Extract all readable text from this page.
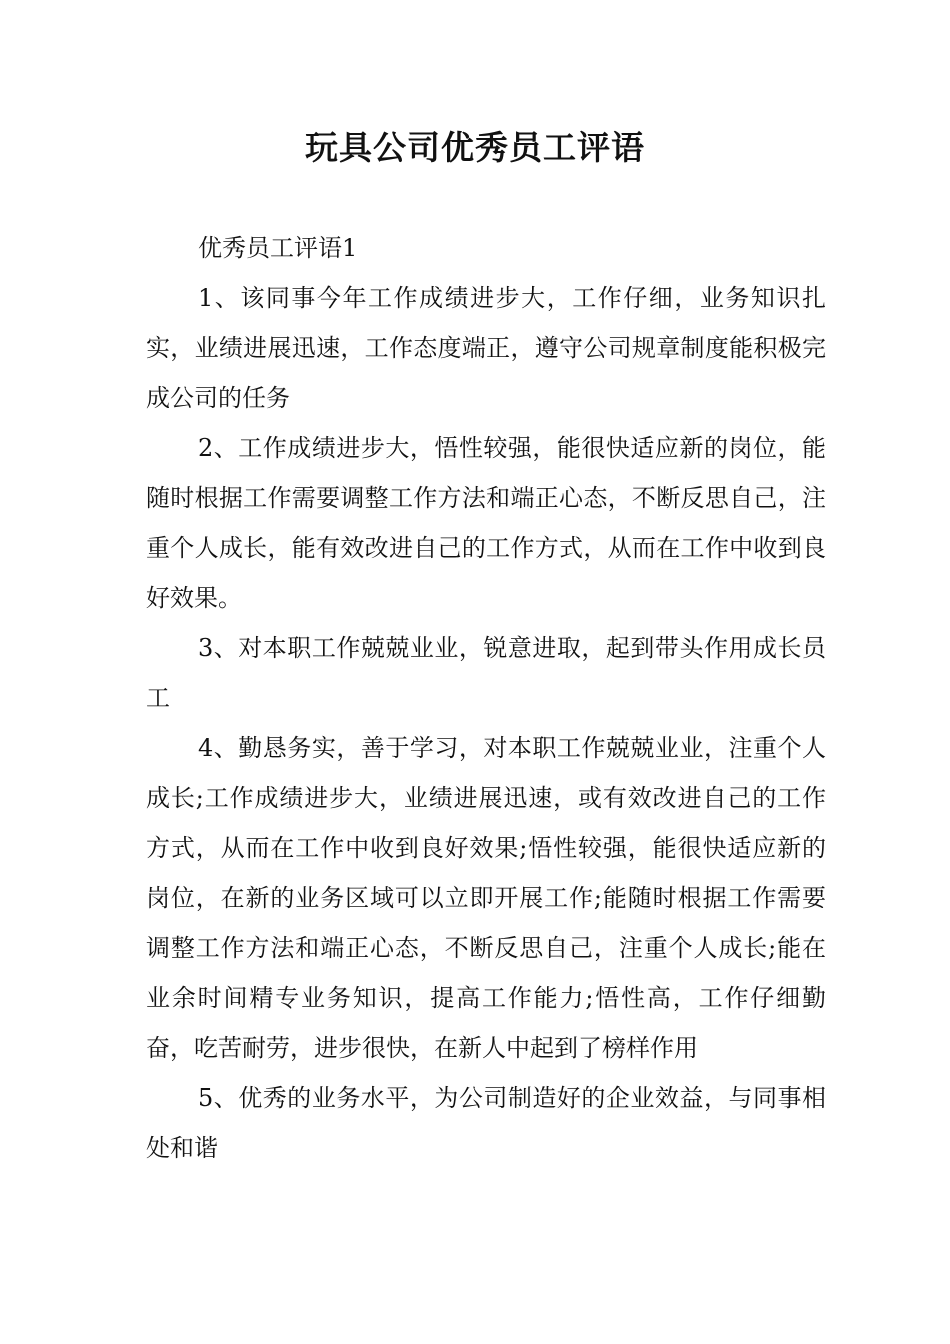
玩具公司优秀员工评语

优秀员工评语1

1、该同事今年工作成绩进步大，工作仔细，业务知识扎实，业绩进展迅速，工作态度端正，遵守公司规章制度能积极完成公司的任务

2、工作成绩进步大，悟性较强，能很快适应新的岗位，能随时根据工作需要调整工作方法和端正心态，不断反思自己，注重个人成长，能有效改进自己的工作方式，从而在工作中收到良好效果。

3、对本职工作兢兢业业，锐意进取，起到带头作用成长员工

4、勤恳务实，善于学习，对本职工作兢兢业业，注重个人成长;工作成绩进步大，业绩进展迅速，或有效改进自己的工作方式，从而在工作中收到良好效果;悟性较强，能很快适应新的岗位，在新的业务区域可以立即开展工作;能随时根据工作需要调整工作方法和端正心态，不断反思自己，注重个人成长;能在业余时间精专业务知识，提高工作能力;悟性高，工作仔细勤奋，吃苦耐劳，进步很快，在新人中起到了榜样作用

5、优秀的业务水平，为公司制造好的企业效益，与同事相处和谐
